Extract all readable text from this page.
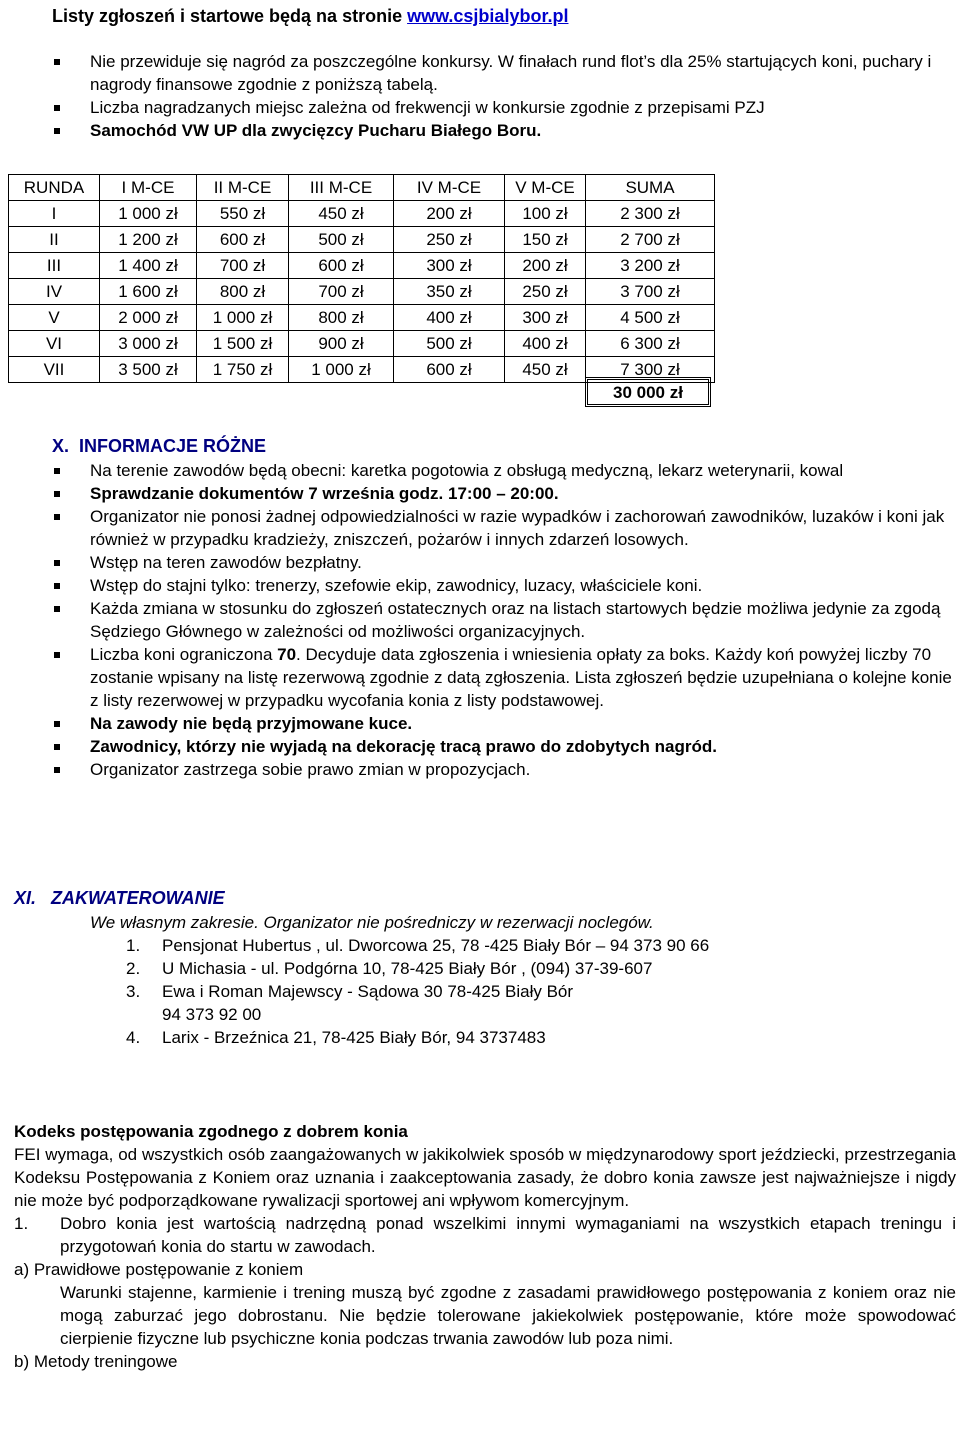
Listy zgłoszeń i startowe będą na stronie www.csjbialybor.pl
Nie przewiduje się nagród za poszczególne konkursy. W finałach rund flot’s dla 25% startujących koni, puchary i nagrody finansowe zgodnie z poniższą tabelą.
Liczba nagradzanych miejsc zależna od frekwencji w konkursie zgodnie z przepisami PZJ
Samochód VW UP dla zwycięzcy Pucharu Białego Boru.
RUNDA	I M-CE	II M-CE	III M-CE	IV M-CE	V M-CE	SUMA
I	1 000 zł	550 zł	450 zł	200 zł	100 zł	2 300 zł
II	1 200 zł	600 zł	500 zł	250 zł	150 zł	2 700 zł
III	1 400 zł	700 zł	600 zł	300 zł	200 zł	3 200 zł
IV	1 600 zł	800 zł	700 zł	350 zł	250 zł	3 700 zł
V	2 000 zł	1 000 zł	800 zł	400 zł	300 zł	4 500 zł
VI	3 000 zł	1 500 zł	900 zł	500 zł	400 zł	6 300 zł
VII	3 500 zł	1 750 zł	1 000 zł	600 zł	450 zł	7 300 zł
30 000 zł
X. INFORMACJE RÓŻNE
Na terenie zawodów będą obecni: karetka pogotowia z obsługą medyczną, lekarz weterynarii, kowal
Sprawdzanie dokumentów 7 września godz. 17:00 – 20:00.
Organizator nie ponosi żadnej odpowiedzialności w razie wypadków i zachorowań zawodników, luzaków i koni jak również w przypadku kradzieży, zniszczeń, pożarów i innych zdarzeń losowych.
Wstęp na teren zawodów bezpłatny.
Wstęp do stajni tylko: trenerzy, szefowie ekip, zawodnicy, luzacy, właściciele koni.
Każda zmiana w stosunku do zgłoszeń ostatecznych oraz na listach startowych będzie możliwa jedynie za zgodą Sędziego Głównego w zależności od możliwości organizacyjnych.
Liczba koni ograniczona 70. Decyduje data zgłoszenia i wniesienia opłaty za boks. Każdy koń powyżej liczby 70 zostanie wpisany na listę rezerwową zgodnie z datą zgłoszenia. Lista zgłoszeń będzie uzupełniana o kolejne konie z listy rezerwowej w przypadku wycofania konia z listy podstawowej.
Na zawody nie będą przyjmowane kuce.
Zawodnicy, którzy nie wyjadą na dekorację tracą prawo do zdobytych nagród.
Organizator zastrzega sobie prawo zmian w propozycjach.
XI. ZAKWATEROWANIE
We własnym zakresie. Organizator nie pośredniczy w rezerwacji noclegów.
1. Pensjonat Hubertus , ul. Dworcowa 25, 78 -425 Biały Bór – 94 373 90 66
2. U Michasia - ul. Podgórna 10, 78-425 Biały Bór , (094) 37-39-607
3. Ewa i Roman Majewscy - Sądowa 30 78-425 Biały Bór
94 373 92 00
4. Larix - Brzeźnica 21, 78-425 Biały Bór, 94 3737483
Kodeks postępowania zgodnego z dobrem konia
FEI wymaga, od wszystkich osób zaangażowanych w jakikolwiek sposób w międzynarodowy sport jeździecki, przestrzegania Kodeksu Postępowania z Koniem oraz uznania i zaakceptowania zasady, że dobro konia zawsze jest najważniejsze i nigdy nie może być podporządkowane rywalizacji sportowej ani wpływom komercyjnym.
1. Dobro konia jest wartością nadrzędną ponad wszelkimi innymi wymaganiami na wszystkich etapach treningu i przygotowań konia do startu w zawodach.
a) Prawidłowe postępowanie z koniem
Warunki stajenne, karmienie i trening muszą być zgodne z zasadami prawidłowego postępowania z koniem oraz nie mogą zaburzać jego dobrostanu. Nie będzie tolerowane jakiekolwiek postępowanie, które może spowodować cierpienie fizyczne lub psychiczne konia podczas trwania zawodów lub poza nimi.
b) Metody treningowe
